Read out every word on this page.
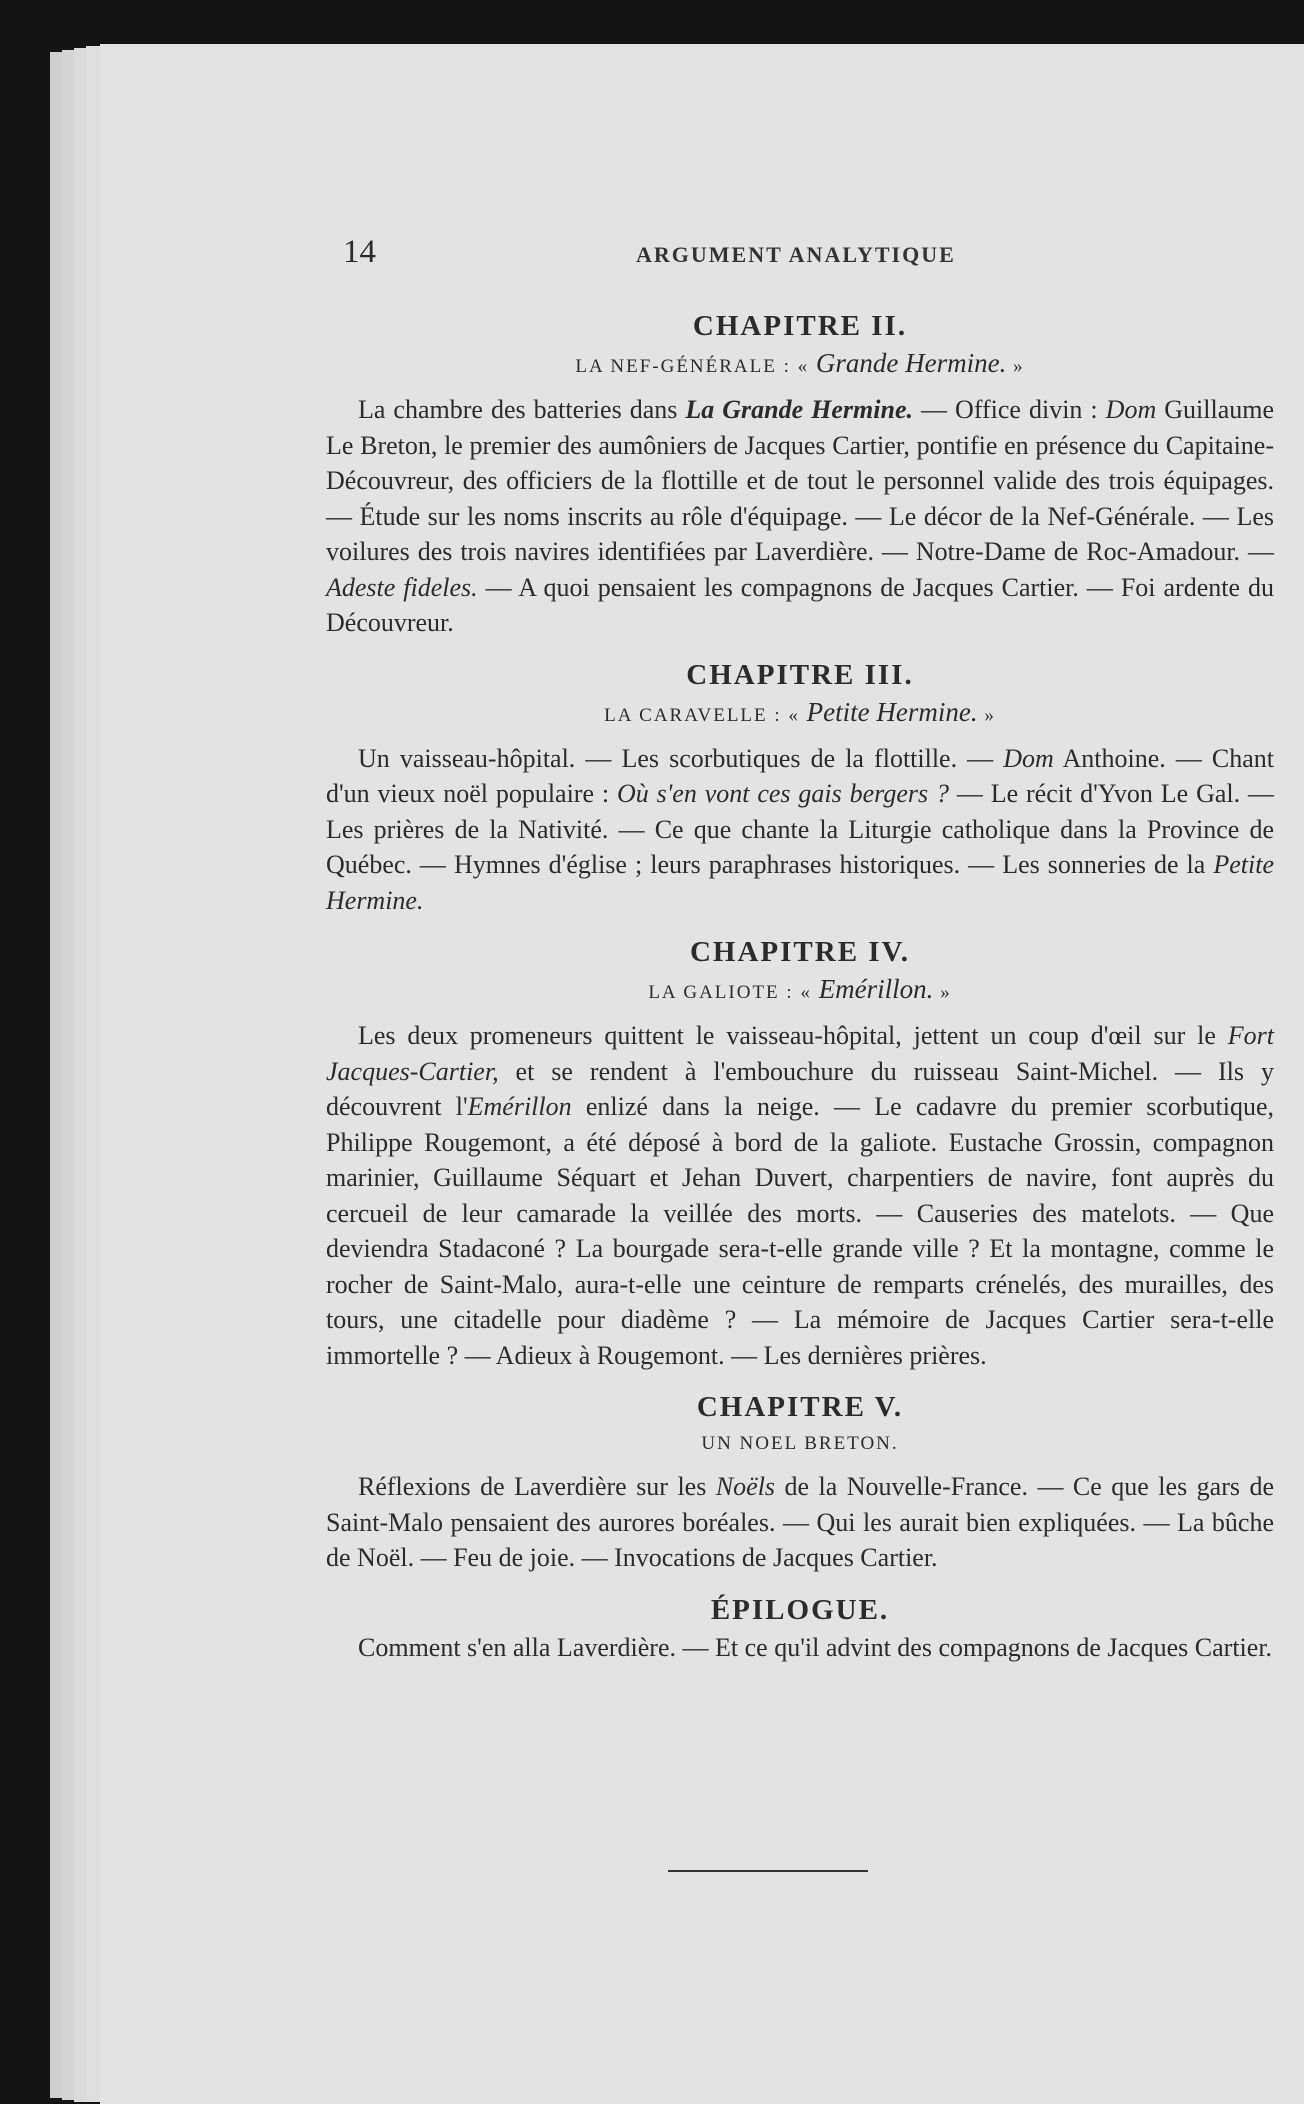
14	ARGUMENT ANALYTIQUE
CHAPITRE II.
LA NEF-GÉNÉRALE : « Grande Hermine. »

La chambre des batteries dans La Grande Hermine. — Office divin : Dom Guillaume Le Breton, le premier des aumôniers de Jacques Cartier, pontifie en présence du Capitaine-Découvreur, des officiers de la flottille et de tout le personnel valide des trois équipages. — Étude sur les noms inscrits au rôle d'équipage. — Le décor de la Nef-Générale. — Les voilures des trois navires identifiées par Laverdière. — Notre-Dame de Roc-Amadour. — Adeste fideles. — A quoi pensaient les compagnons de Jacques Cartier. — Foi ardente du Découvreur.

CHAPITRE III.
LA CARAVELLE : « Petite Hermine. »

Un vaisseau-hôpital. — Les scorbutiques de la flottille. — Dom Anthoine. — Chant d'un vieux noël populaire : Où s'en vont ces gais bergers ? — Le récit d'Yvon Le Gal. — Les prières de la Nativité. — Ce que chante la Liturgie catholique dans la Province de Québec. — Hymnes d'église ; leurs paraphrases historiques. — Les sonneries de la Petite Hermine.

CHAPITRE IV.
LA GALIOTE : « Emérillon. »

Les deux promeneurs quittent le vaisseau-hôpital, jettent un coup d'œil sur le Fort Jacques-Cartier, et se rendent à l'embouchure du ruisseau Saint-Michel. — Ils y découvrent l'Emérillon enlizé dans la neige. — Le cadavre du premier scorbutique, Philippe Rougemont, a été déposé à bord de la galiote. Eustache Grossin, compagnon marinier, Guillaume Séquart et Jehan Duvert, charpentiers de navire, font auprès du cercueil de leur camarade la veillée des morts. — Causeries des matelots. — Que deviendra Stadaconé ? La bourgade sera-t-elle grande ville ? Et la montagne, comme le rocher de Saint-Malo, aura-t-elle une ceinture de remparts crénelés, des murailles, des tours, une citadelle pour diadème ? — La mémoire de Jacques Cartier sera-t-elle immortelle ? — Adieux à Rougemont. — Les dernières prières.

CHAPITRE V.
UN NOEL BRETON.

Réflexions de Laverdière sur les Noëls de la Nouvelle-France. — Ce que les gars de Saint-Malo pensaient des aurores boréales. — Qui les aurait bien expliquées. — La bûche de Noël. — Feu de joie. — Invocations de Jacques Cartier.

ÉPILOGUE.

Comment s'en alla Laverdière. — Et ce qu'il advint des compagnons de Jacques Cartier.
